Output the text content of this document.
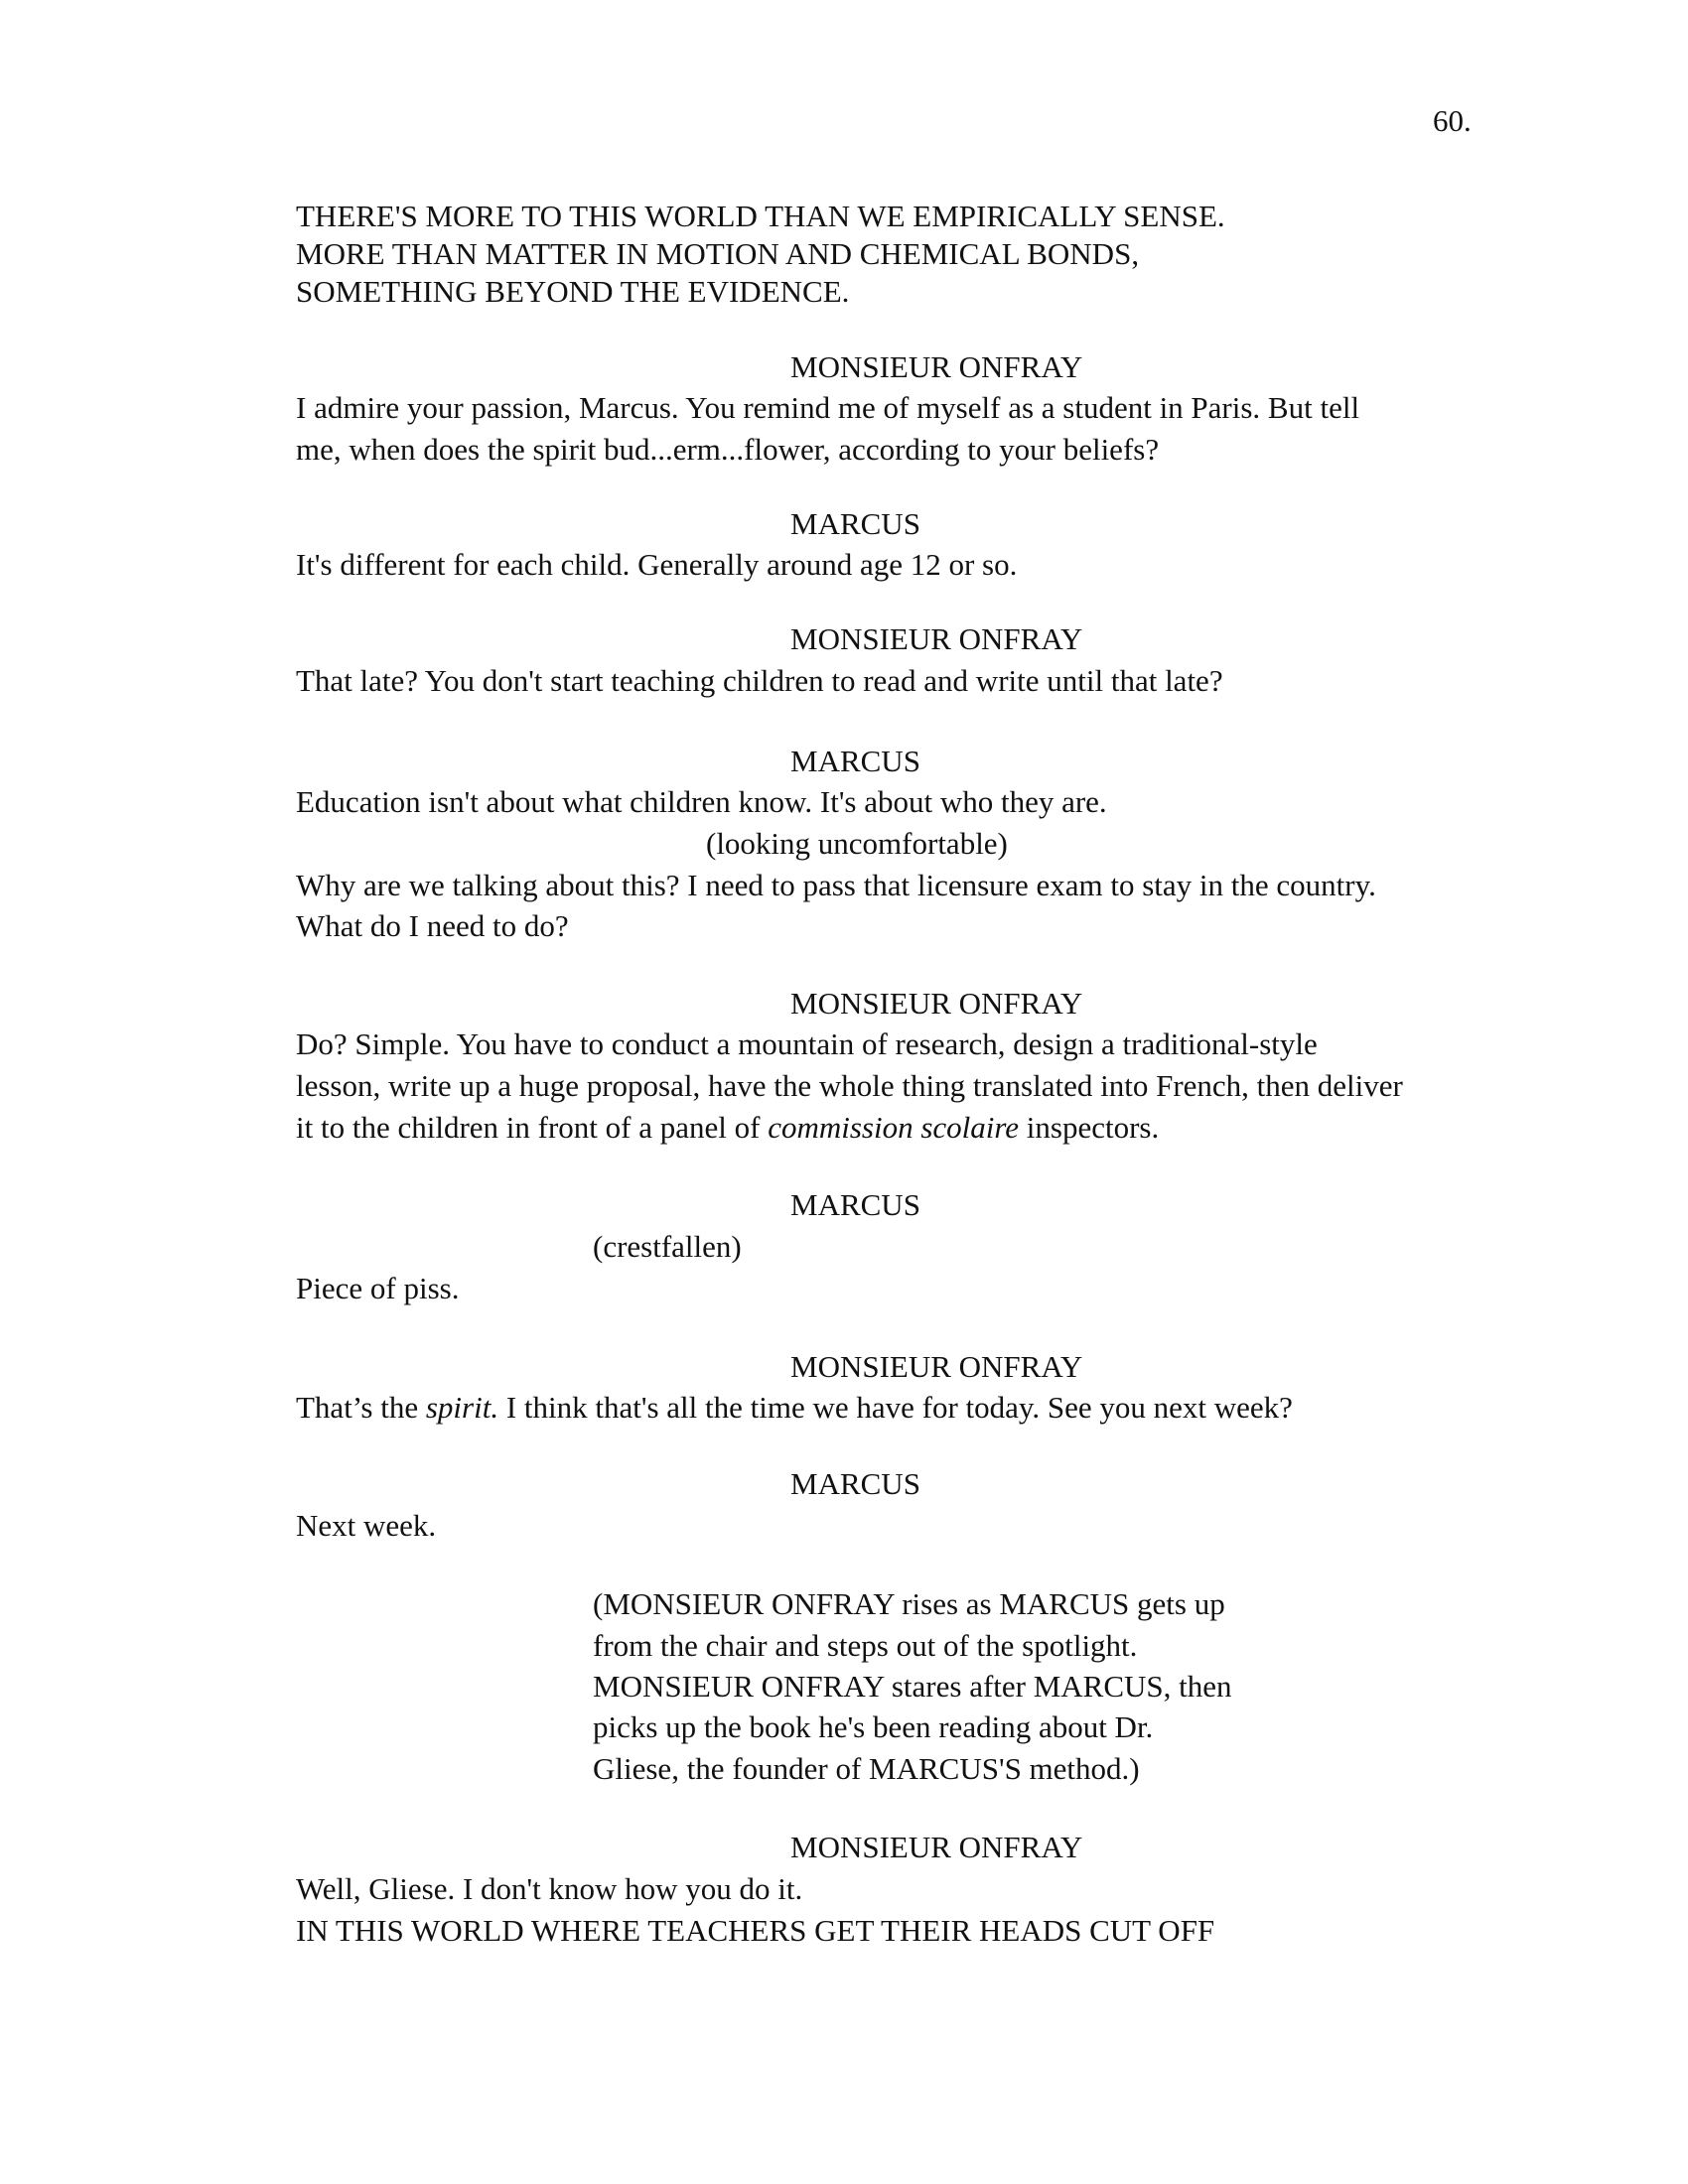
60.
THERE'S MORE TO THIS WORLD THAN WE EMPIRICALLY SENSE.
MORE THAN MATTER IN MOTION AND CHEMICAL BONDS,
SOMETHING BEYOND THE EVIDENCE.
MONSIEUR ONFRAY
I admire your passion, Marcus. You remind me of myself as a student in Paris. But tell
me, when does the spirit bud...erm...flower, according to your beliefs?
MARCUS
It's different for each child. Generally around age 12 or so.
MONSIEUR ONFRAY
That late? You don't start teaching children to read and write until that late?
MARCUS
Education isn't about what children know. It's about who they are.
(looking uncomfortable)
Why are we talking about this? I need to pass that licensure exam to stay in the country.
What do I need to do?
MONSIEUR ONFRAY
Do? Simple. You have to conduct a mountain of research, design a traditional-style
lesson, write up a huge proposal, have the whole thing translated into French, then deliver
it to the children in front of a panel of commission scolaire inspectors.
MARCUS
(crestfallen)
Piece of piss.
MONSIEUR ONFRAY
That’s the spirit. I think that's all the time we have for today. See you next week?
MARCUS
Next week.
(MONSIEUR ONFRAY rises as MARCUS gets up
from the chair and steps out of the spotlight.
MONSIEUR ONFRAY stares after MARCUS, then
picks up the book he's been reading about Dr.
Gliese, the founder of MARCUS'S method.)
MONSIEUR ONFRAY
Well, Gliese. I don't know how you do it.
IN THIS WORLD WHERE TEACHERS GET THEIR HEADS CUT OFF
